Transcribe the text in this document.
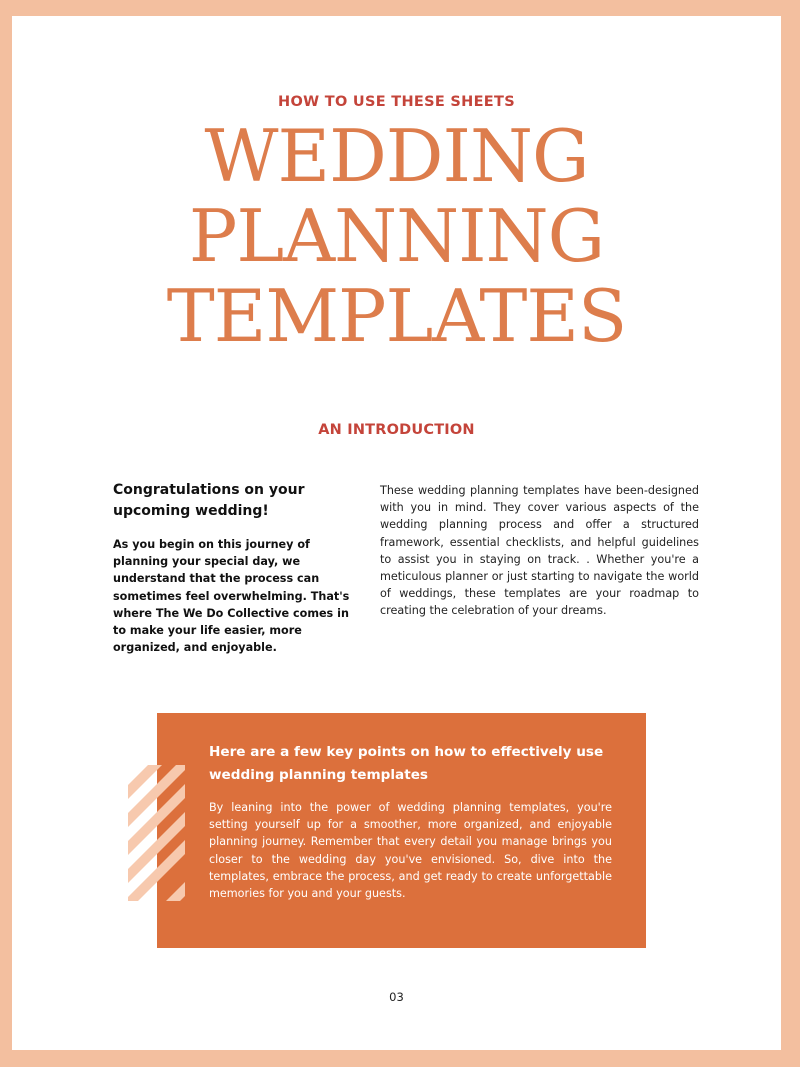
HOW TO USE THESE SHEETS
WEDDING
PLANNING
TEMPLATES
AN INTRODUCTION

Congratulations on your upcoming wedding!

As you begin on this journey of planning your special day, we understand that the process can sometimes feel overwhelming. That's where The We Do Collective comes in to make your life easier, more organized, and enjoyable.

These wedding planning templates have been-designed with you in mind. They cover various aspects of the wedding planning process and offer a structured framework, essential checklists, and helpful guidelines to assist you in staying on track. . Whether you're a meticulous planner or just starting to navigate the world of weddings, these templates are your roadmap to creating the celebration of your dreams.

Here are a few key points on how to effectively use wedding planning templates

By leaning into the power of wedding planning templates, you're setting yourself up for a smoother, more organized, and enjoyable planning journey. Remember that every detail you manage brings you closer to the wedding day you've envisioned. So, dive into the templates, embrace the process, and get ready to create unforgettable memories for you and your guests.

03
